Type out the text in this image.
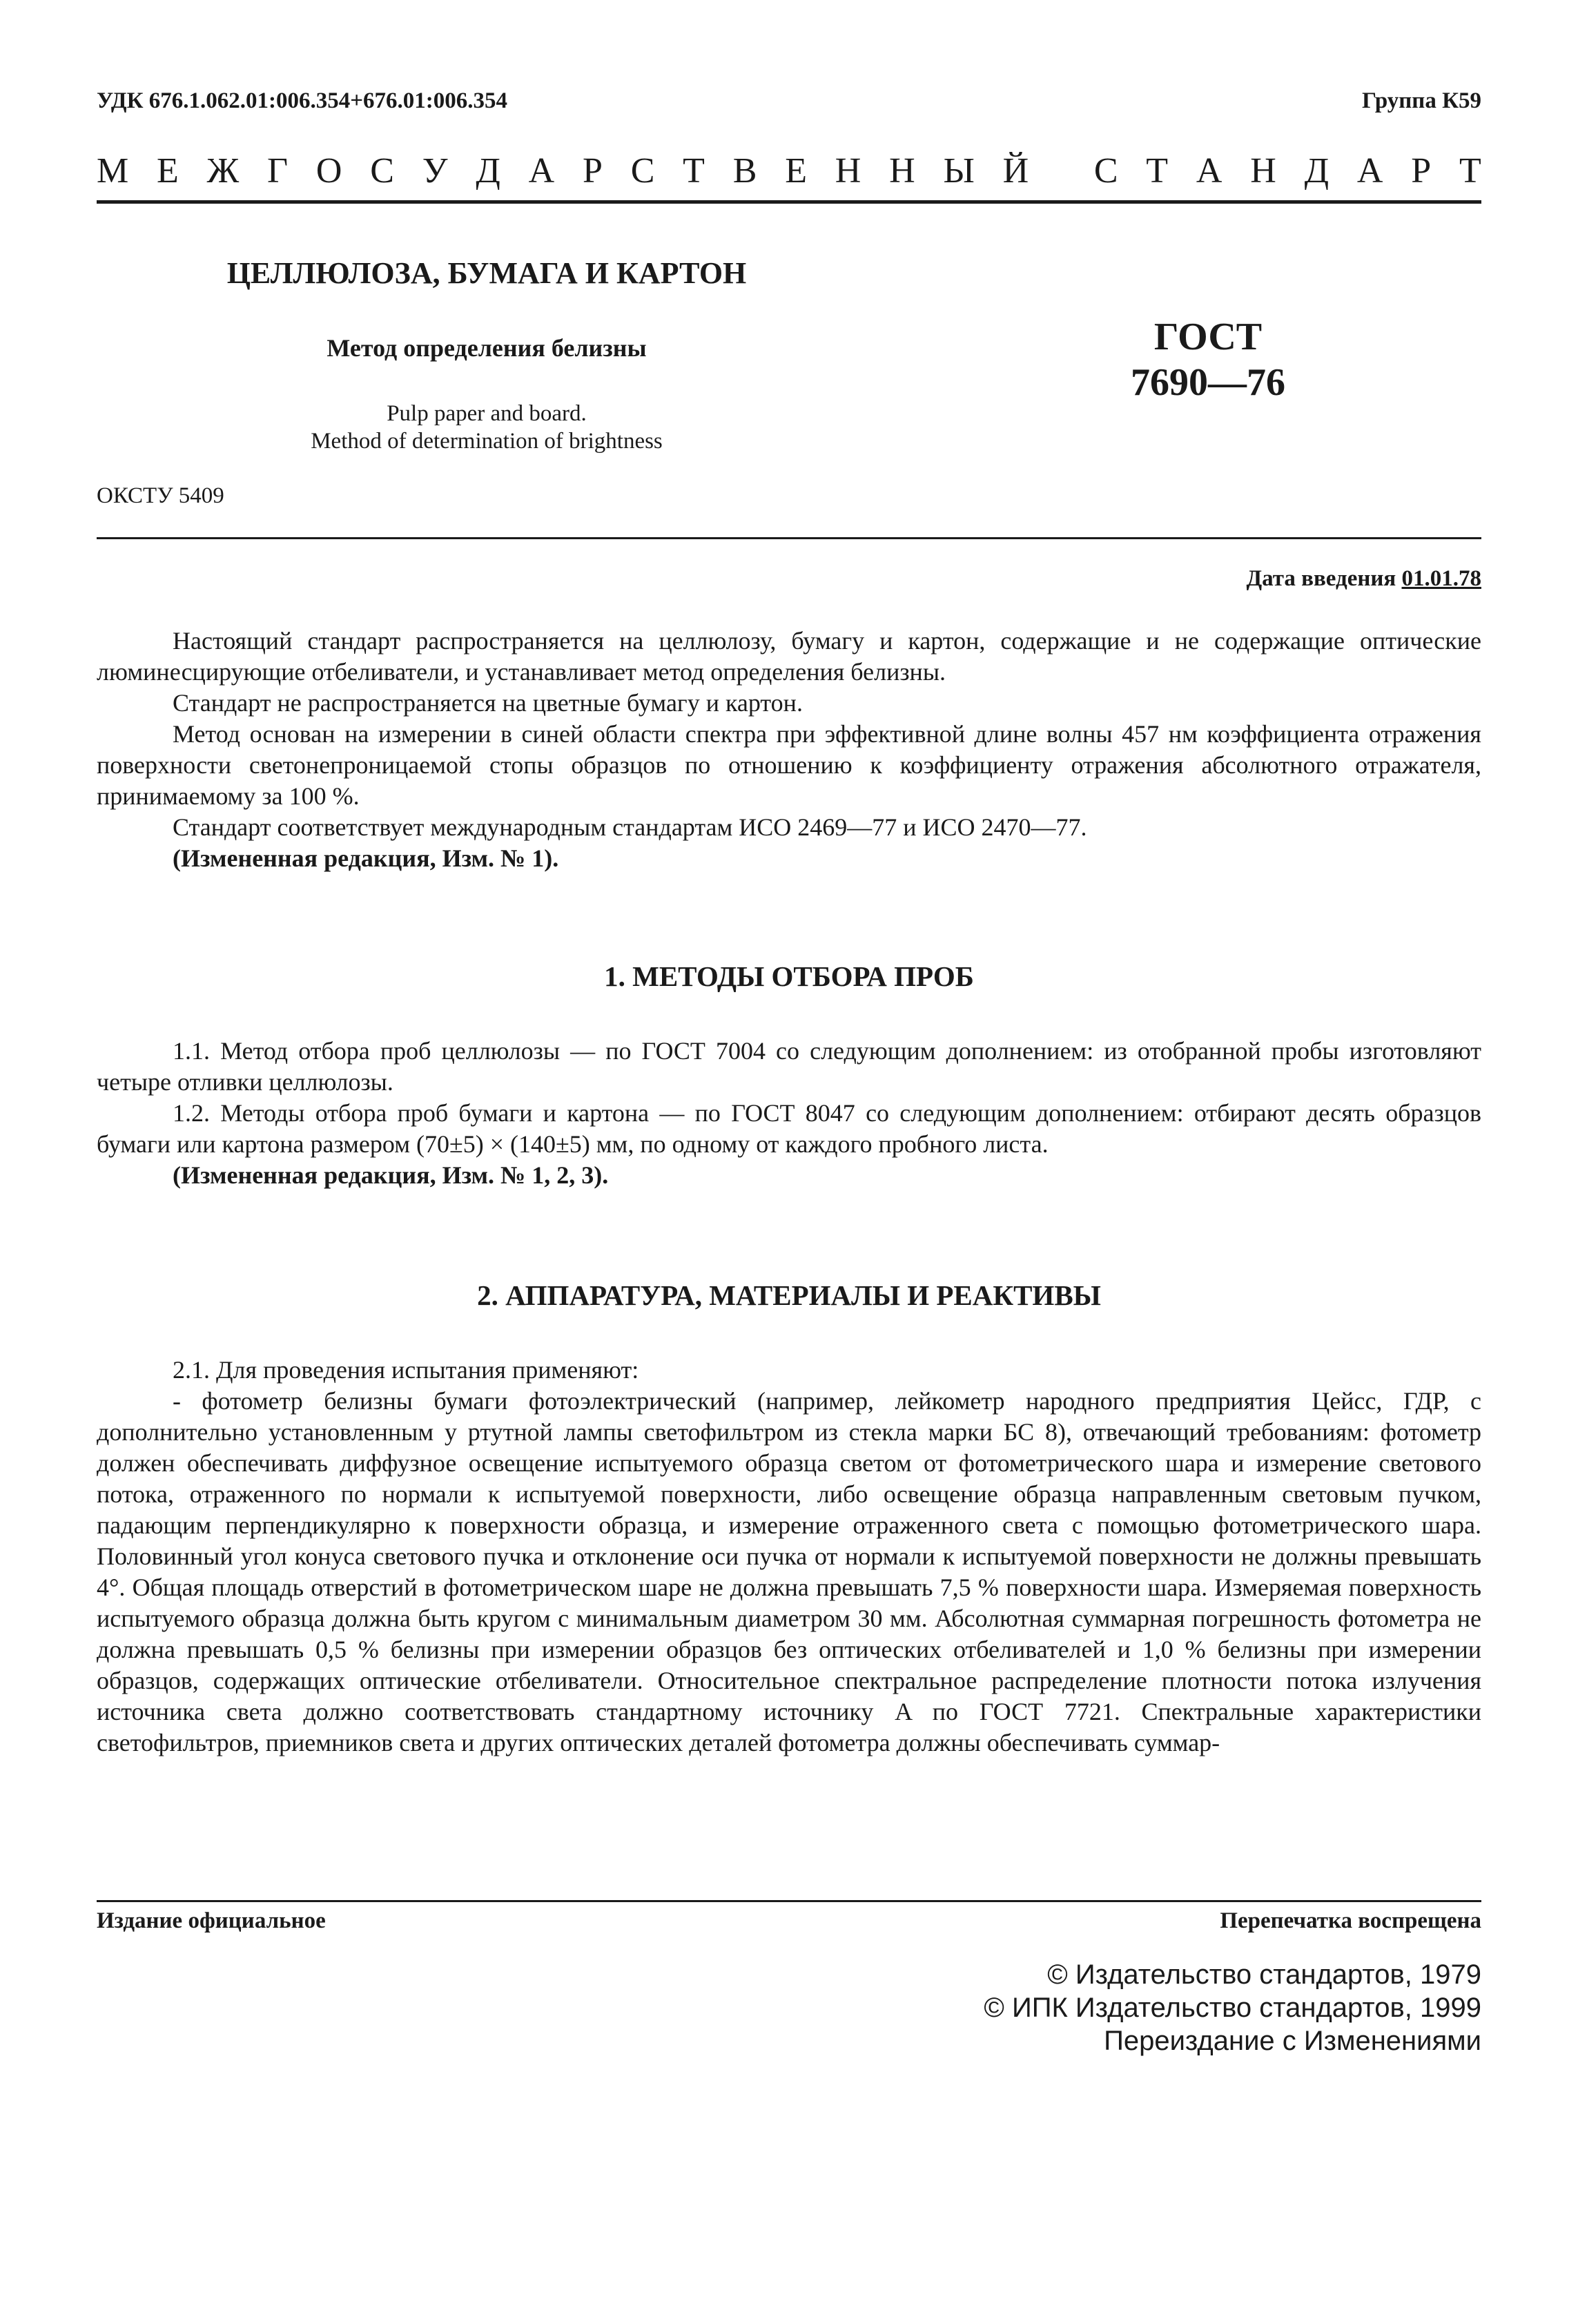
УДК 676.1.062.01:006.354+676.01:006.354	Группа К59
М Е Ж Г О С У Д А Р С Т В Е Н Н Ы Й
С Т А Н Д А Р Т
ЦЕЛЛЮЛОЗА, БУМАГА И КАРТОН
Метод определения белизны
Pulp paper and board.
Method of determination of brightness
ГОСТ
7690—76
ОКСТУ 5409
Дата введения 01.01.78

Настоящий стандарт распространяется на целлюлозу, бумагу и картон, содержащие и не содержащие оптические люминесцирующие отбеливатели, и устанавливает метод определения белизны.

Стандарт не распространяется на цветные бумагу и картон.

Метод основан на измерении в синей области спектра при эффективной длине волны 457 нм коэффициента отражения поверхности светонепроницаемой стопы образцов по отношению к коэффициенту отражения абсолютного отражателя, принимаемому за 100 %.

Стандарт соответствует международным стандартам ИСО 2469—77 и ИСО 2470—77.

(Измененная редакция, Изм. № 1).

1. МЕТОДЫ ОТБОРА ПРОБ

1.1. Метод отбора проб целлюлозы — по ГОСТ 7004 со следующим дополнением: из отобранной пробы изготовляют четыре отливки целлюлозы.

1.2. Методы отбора проб бумаги и картона — по ГОСТ 8047 со следующим дополнением: отбирают десять образцов бумаги или картона размером (70±5) × (140±5) мм, по одному от каждого пробного листа.

(Измененная редакция, Изм. № 1, 2, 3).

2. АППАРАТУРА, МАТЕРИАЛЫ И РЕАКТИВЫ

2.1. Для проведения испытания применяют:

- фотометр белизны бумаги фотоэлектрический (например, лейкометр народного предприятия Цейсс, ГДР, с дополнительно установленным у ртутной лампы светофильтром из стекла марки БС 8), отвечающий требованиям: фотометр должен обеспечивать диффузное освещение испытуемого образца светом от фотометрического шара и измерение светового потока, отраженного по нормали к испытуемой поверхности, либо освещение образца направленным световым пучком, падающим перпендикулярно к поверхности образца, и измерение отраженного света с помощью фотометрического шара. Половинный угол конуса светового пучка и отклонение оси пучка от нормали к испытуемой поверхности не должны превышать 4°. Общая площадь отверстий в фотометрическом шаре не должна превышать 7,5 % поверхности шара. Измеряемая поверхность испытуемого образца должна быть кругом с минимальным диаметром 30 мм. Абсолютная суммарная погрешность фотометра не должна превышать 0,5 % белизны при измерении образцов без оптических отбеливателей и 1,0 % белизны при измерении образцов, содержащих оптические отбеливатели. Относительное спектральное распределение плотности потока излучения источника света должно соответствовать стандартному источнику A по ГОСТ 7721. Спектральные характеристики светофильтров, приемников света и других оптических деталей фотометра должны обеспечивать суммар-

Издание официальное	Перепечатка воспрещена
© Издательство стандартов, 1979
© ИПК Издательство стандартов, 1999
Переиздание с Изменениями
